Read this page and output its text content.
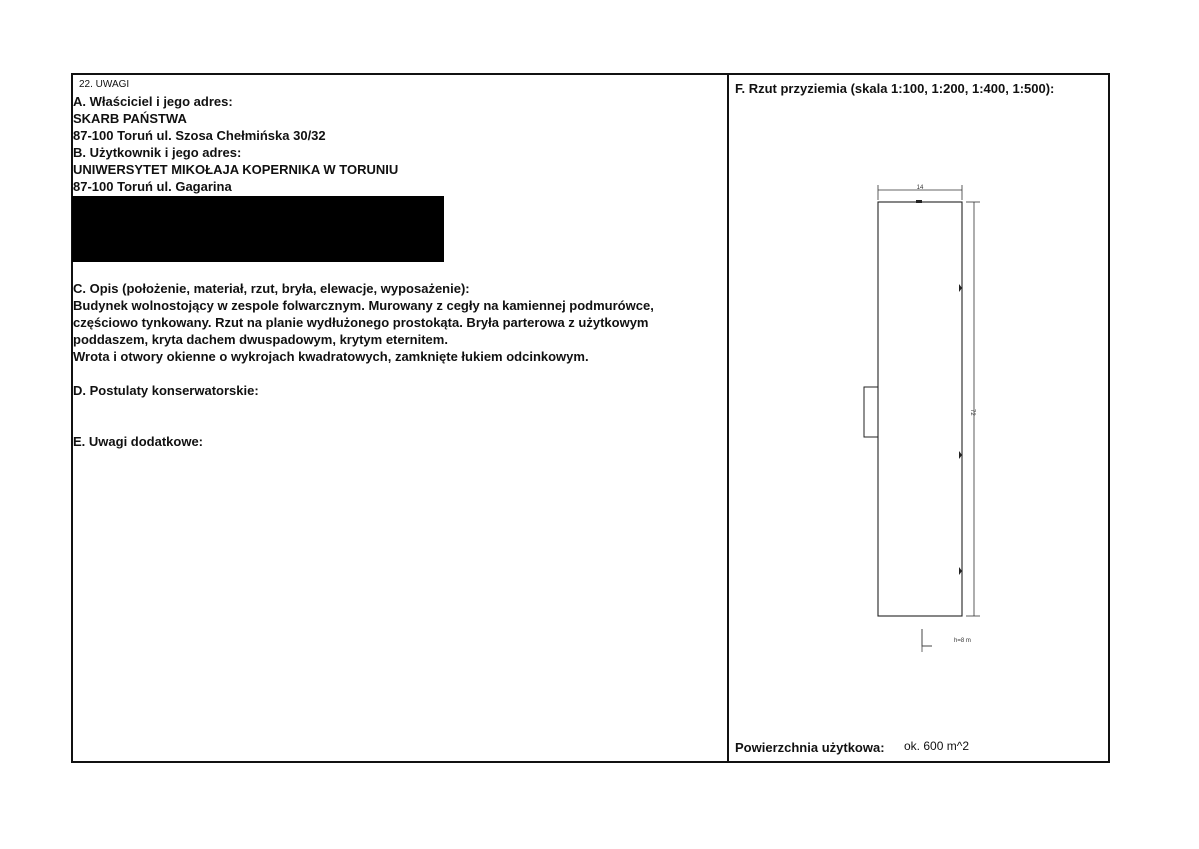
22. UWAGI
A. Właściciel i jego adres:
SKARB PAŃSTWA
87-100 Toruń ul. Szosa Chełmińska 30/32
B. Użytkownik i jego adres:
UNIWERSYTET MIKOŁAJA KOPERNIKA W TORUNIU
87-100 Toruń ul. Gagarina
C. Opis (położenie, materiał, rzut, bryła, elewacje, wyposażenie):
Budynek wolnostojący w zespole folwarcznym. Murowany z cegły na kamiennej podmurówce,
częściowo tynkowany. Rzut na planie wydłużonego prostokąta. Bryła parterowa z użytkowym
poddaszem, kryta dachem dwuspadowym, krytym eternitem.
Wrota i otwory okienne o wykrojach kwadratowych, zamknięte łukiem odcinkowym.
D. Postulaty konserwatorskie:
E. Uwagi dodatkowe:
F. Rzut przyziemia (skala 1:100, 1:200, 1:400, 1:500):
14
72
h=8 m
Powierzchnia użytkowa: ok. 600 m^2
